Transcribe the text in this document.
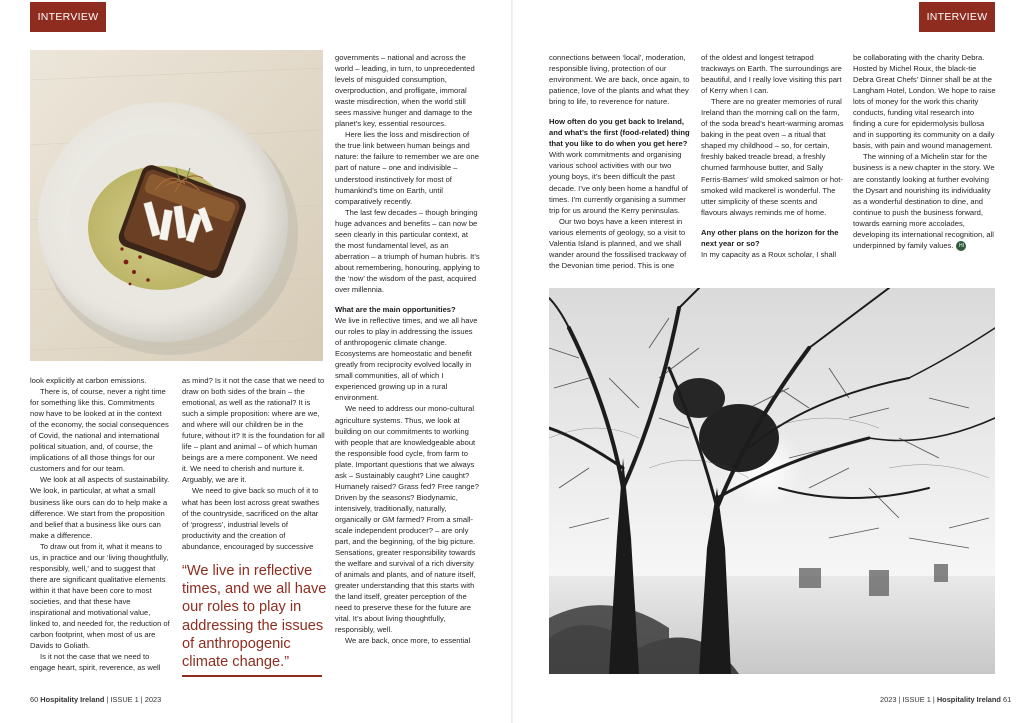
INTERVIEW	INTERVIEW

look explicitly at carbon emissions.

There is, of course, never a right time for something like this. Commitments now have to be looked at in the context of the economy, the social consequences of Covid, the national and international political situation, and, of course, the implications of all those things for our customers and for our team.

We look at all aspects of sustainability. We look, in particular, at what a small business like ours can do to help make a difference. We start from the proposition and belief that a business like ours can make a difference.

To draw out from it, what it means to us, in practice and our ‘living thoughtfully, responsibly, well,’ and to suggest that there are significant qualitative elements within it that have been core to most societies, and that these have inspirational and motivational value, linked to, and needed for, the reduction of carbon footprint, when most of us are Davids to Goliath.

Is it not the case that we need to engage heart, spirit, reverence, as well

as mind? Is it not the case that we need to draw on both sides of the brain – the emotional, as well as the rational? It is such a simple proposition: where are we, and where will our children be in the future, without it? It is the foundation for all life – plant and animal – of which human beings are a mere component. We need it. We need to cherish and nurture it. Arguably, we are it.

We need to give back so much of it to what has been lost across great swathes of the countryside, sacrificed on the altar of ‘progress’, industrial levels of productivity and the creation of abundance, encouraged by successive

“We live in reflective times, and we all have our roles to play in addressing the issues of anthropogenic climate change.”

governments – national and across the world – leading, in turn, to unprecedented levels of misguided consumption, overproduction, and profligate, immoral waste misdirection, when the world still sees massive hunger and damage to the planet’s key, essential resources.

Here lies the loss and misdirection of the true link between human beings and nature: the failure to remember we are one part of nature – one and indivisible – understood instinctively for most of humankind’s time on Earth, until comparatively recently.

The last few decades – though bringing huge advances and benefits – can now be seen clearly in this particular context, at the most fundamental level, as an aberration – a triumph of human hubris. It’s about remembering, honouring, applying to the ‘now’ the wisdom of the past, acquired over millennia.

What are the main opportunities?

We live in reflective times, and we all have our roles to play in addressing the issues of anthropogenic climate change. Ecosystems are homeostatic and benefit greatly from reciprocity evolved locally in small communities, all of which I experienced growing up in a rural environment.

We need to address our mono-cultural agriculture systems. Thus, we look at building on our commitments to working with people that are knowledgeable about the responsible food cycle, from farm to plate. Important questions that we always ask – Sustainably caught? Line caught? Humanely raised? Grass fed? Free range? Driven by the seasons? Biodynamic, intensively, traditionally, naturally, organically or GM farmed? From a small-scale independent producer? – are only part, and the beginning, of the big picture. Sensations, greater responsibility towards the welfare and survival of a rich diversity of animals and plants, and of nature itself, greater understanding that this starts with the land itself, greater perception of the need to preserve these for the future are vital. It’s about living thoughtfully, responsibly, well.

We are back, once more, to essential

connections between ‘local’, moderation, responsible living, protection of our environment. We are back, once again, to patience, love of the plants and what they bring to life, to reverence for nature.

How often do you get back to Ireland, and what’s the first (food-related) thing that you like to do when you get here?

With work commitments and organising various school activities with our two young boys, it’s been difficult the past decade. I’ve only been home a handful of times. I’m currently organising a summer trip for us around the Kerry peninsulas.

Our two boys have a keen interest in various elements of geology, so a visit to Valentia Island is planned, and we shall wander around the fossilised trackway of the Devonian time period. This is one

of the oldest and longest tetrapod trackways on Earth. The surroundings are beautiful, and I really love visiting this part of Kerry when I can.

There are no greater memories of rural Ireland than the morning call on the farm, of the soda bread’s heart-warming aromas baking in the peat oven – a ritual that shaped my childhood – so, for certain, freshly baked treacle bread, a freshly churned farmhouse butter, and Sally Ferris-Barnes’ wild smoked salmon or hot-smoked wild mackerel is wonderful. The utter simplicity of these scents and flavours always reminds me of home.

Any other plans on the horizon for the next year or so?

In my capacity as a Roux scholar, I shall

be collaborating with the charity Debra. Hosted by Michel Roux, the black-tie Debra Great Chefs’ Dinner shall be at the Langham Hotel, London. We hope to raise lots of money for the work this charity conducts, funding vital research into finding a cure for epidermolysis bullosa and in supporting its community on a daily basis, with pain and wound management.

The winning of a Michelin star for the business is a new chapter in the story. We are constantly looking at further evolving the Dysart and nourishing its individuality as a wonderful destination to dine, and continue to push the business forward, towards earning more accolades, developing its international recognition, all underpinned by family values. HI

60 Hospitality Ireland | ISSUE 1 | 2023	2023 | ISSUE 1 | Hospitality Ireland 61
